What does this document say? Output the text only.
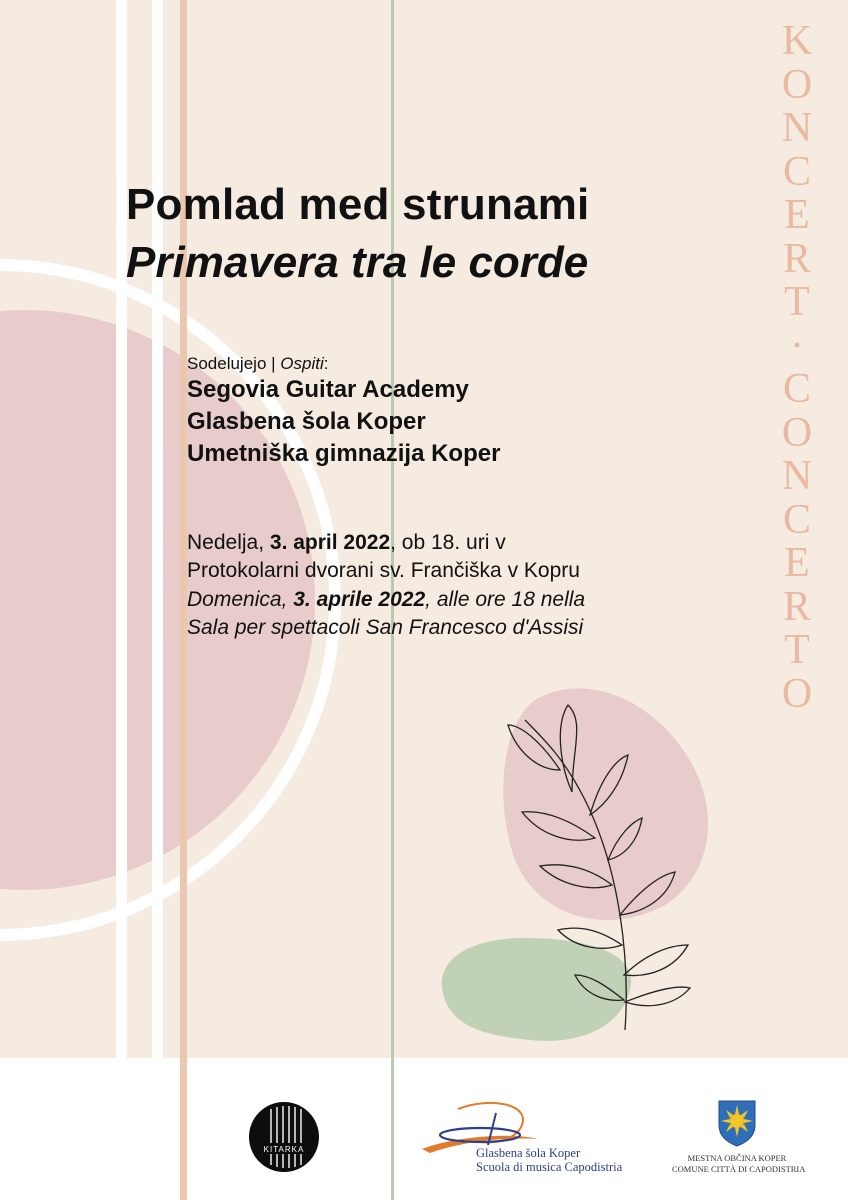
Pomlad med strunami
Primavera tra le corde
Sodelujejo | Ospiti:
Segovia Guitar Academy
Glasbena šola Koper
Umetniška gimnazija Koper
Nedelja, 3. april 2022, ob 18. uri v
Protokolarni dvorani sv. Frančiška v Kopru
Domenica, 3. aprile 2022, alle ore 18 nella
Sala per spettacoli San Francesco d'Assisi
K
O
N
C
E
R
T
·
C
O
N
C
E
R
T
O
KITARKA	Glasbena šola Koper
Scuola di musica Capodistria
MESTNA OBČINA KOPER
COMUNE CITTÀ DI CAPODISTRIA
